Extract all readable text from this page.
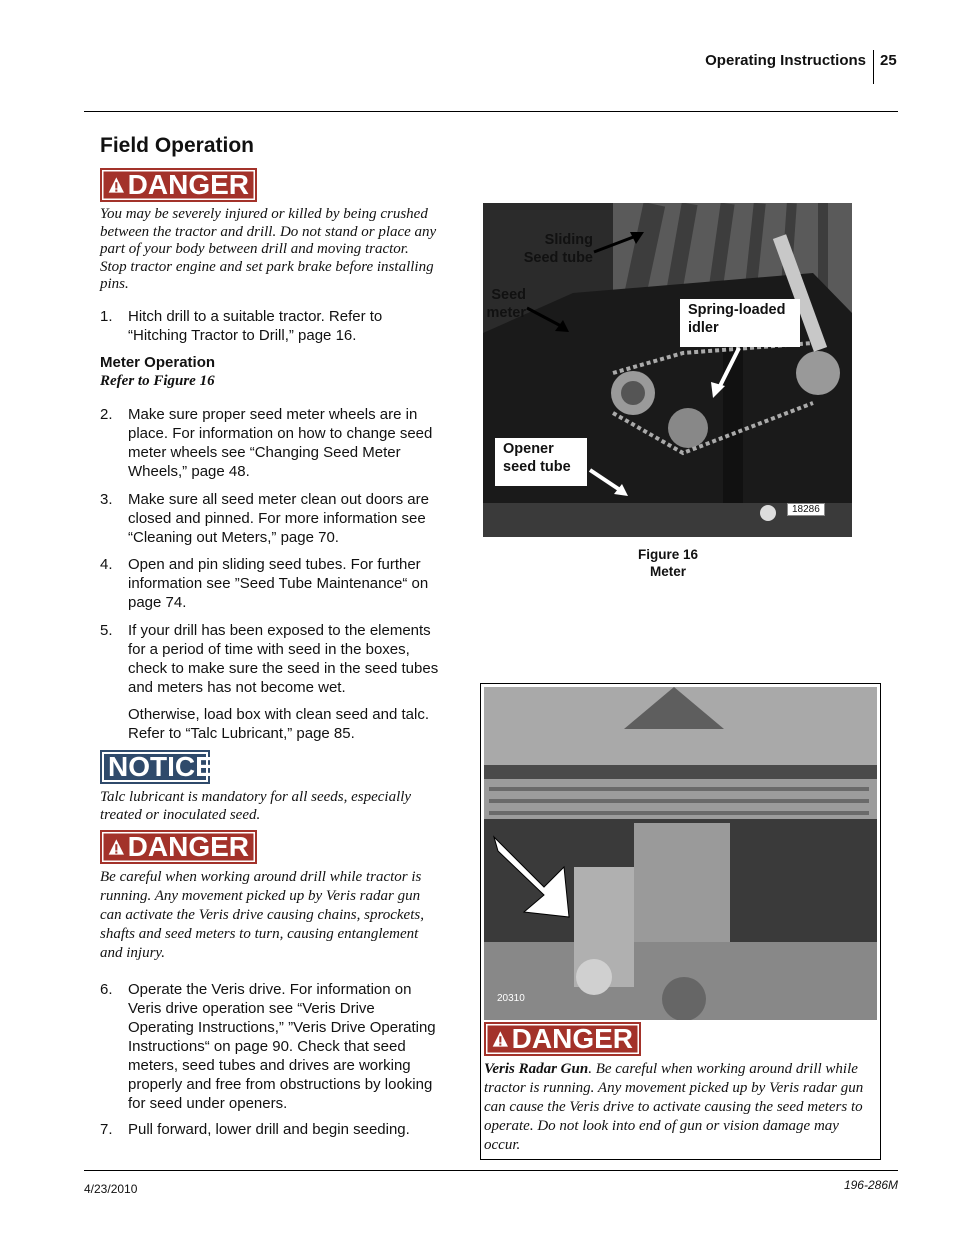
Operating Instructions 25
Field Operation
DANGER
You may be severely injured or killed by being crushed between the tractor and drill. Do not stand or place any part of your body between drill and moving tractor. Stop tractor engine and set park brake before installing pins.
1. Hitch drill to a suitable tractor. Refer to “Hitching Tractor to Drill,” page 16.
Meter Operation
Refer to Figure 16
2. Make sure proper seed meter wheels are in place. For information on how to change seed meter wheels see “Changing Seed Meter Wheels,” page 48.
3. Make sure all seed meter clean out doors are closed and pinned. For more information see “Cleaning out Meters,” page 70.
4. Open and pin sliding seed tubes. For further information see ”Seed Tube Maintenance“ on page 74.
5. If your drill has been exposed to the elements for a period of time with seed in the boxes, check to make sure the seed in the seed tubes and meters has not become wet.
Otherwise, load box with clean seed and talc. Refer to “Talc Lubricant,” page 85.
NOTICE
Talc lubricant is mandatory for all seeds, especially treated or inoculated seed.
DANGER
Be careful when working around drill while tractor is running. Any movement picked up by Veris radar gun can activate the Veris drive causing chains, sprockets, shafts and seed meters to turn, causing entanglement and injury.
6. Operate the Veris drive. For information on Veris drive operation see “Veris Drive Operating Instructions,” ”Veris Drive Operating Instructions“ on page 90. Check that seed meters, seed tubes and drives are working properly and free from obstructions by looking for seed under openers.
7. Pull forward, lower drill and begin seeding.
Sliding
Seed tube
Seed
meter	Spring-loaded
idler
Opener
seed tube
18286
Figure 16
Meter
20310
DANGER
Veris Radar Gun. Be careful when working around drill while tractor is running. Any movement picked up by Veris radar gun can cause the Veris drive to activate causing the seed meters to operate. Do not look into end of gun or vision damage may occur.
4/23/2010	196-286M
